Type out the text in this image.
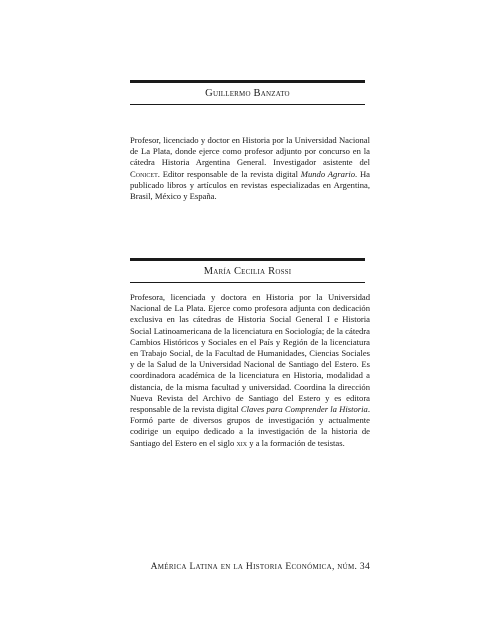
Guillermo Banzato

Profesor, licenciado y doctor en Historia por la Universidad Nacional de La Plata, donde ejerce como profesor adjunto por concurso en la cátedra Historia Argentina General. Investigador asistente del Conicet. Editor responsable de la revista digital Mundo Agrario. Ha publicado libros y artículos en revistas especializadas en Argentina, Brasil, México y España.

María Cecilia Rossi

Profesora, licenciada y doctora en Historia por la Universidad Nacional de La Plata. Ejerce como profesora adjunta con dedicación exclusiva en las cátedras de Historia Social General I e Historia Social Latinoamericana de la licenciatura en Sociología; de la cátedra Cambios Históricos y Sociales en el País y Región de la licenciatura en Trabajo Social, de la Facultad de Humanidades, Ciencias Sociales y de la Salud de la Universidad Nacional de Santiago del Estero. Es coordinadora académica de la licenciatura en Historia, modalidad a distancia, de la misma facultad y universidad. Coordina la dirección Nueva Revista del Archivo de Santiago del Estero y es editora responsable de la revista digital Claves para Comprender la Historia. Formó parte de diversos grupos de investigación y actualmente codirige un equipo dedicado a la investigación de la historia de Santiago del Estero en el siglo xix y a la formación de tesistas.

América Latina en la Historia Económica, núm. 34
